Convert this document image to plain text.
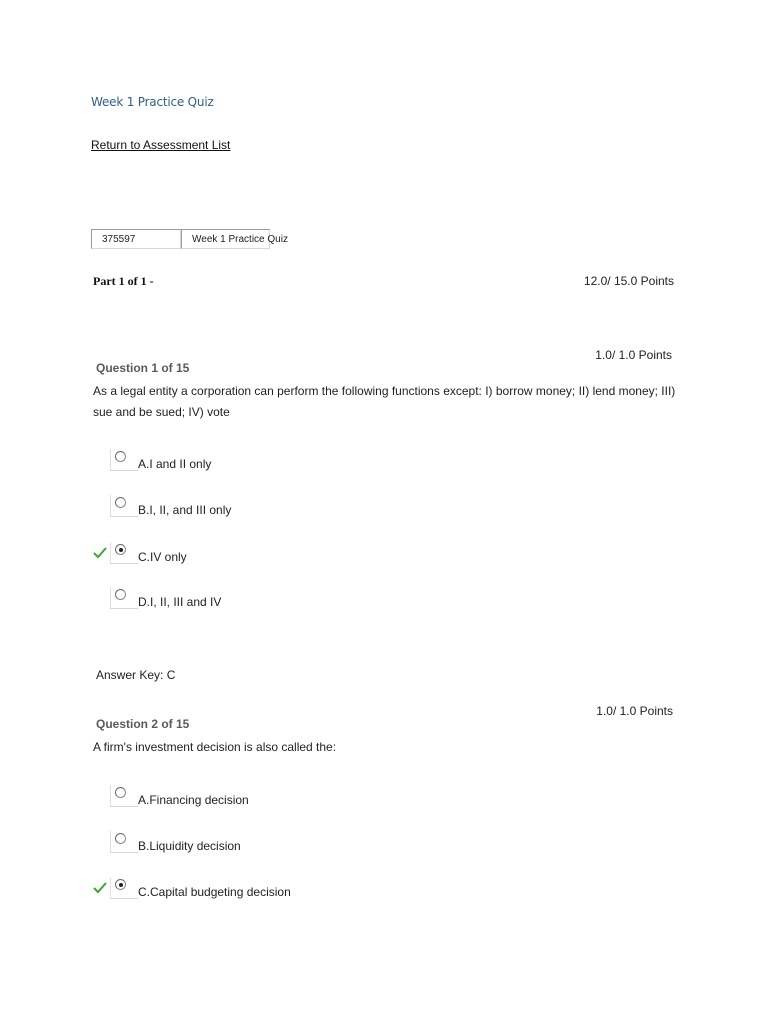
Week 1 Practice Quiz
Return to Assessment List
375597	Week 1 Practice Quiz
Part 1 of 1 -	12.0/ 15.0 Points
1.0/ 1.0 Points
Question 1 of 15
As a legal entity a corporation can perform the following functions except: I) borrow money; II) lend money; III) sue and be sued; IV) vote
A.I and II only
B.I, II, and III only
C.IV only
D.I, II, III and IV
Answer Key: C
1.0/ 1.0 Points
Question 2 of 15
A firm's investment decision is also called the:
A.Financing decision
B.Liquidity decision
C.Capital budgeting decision
